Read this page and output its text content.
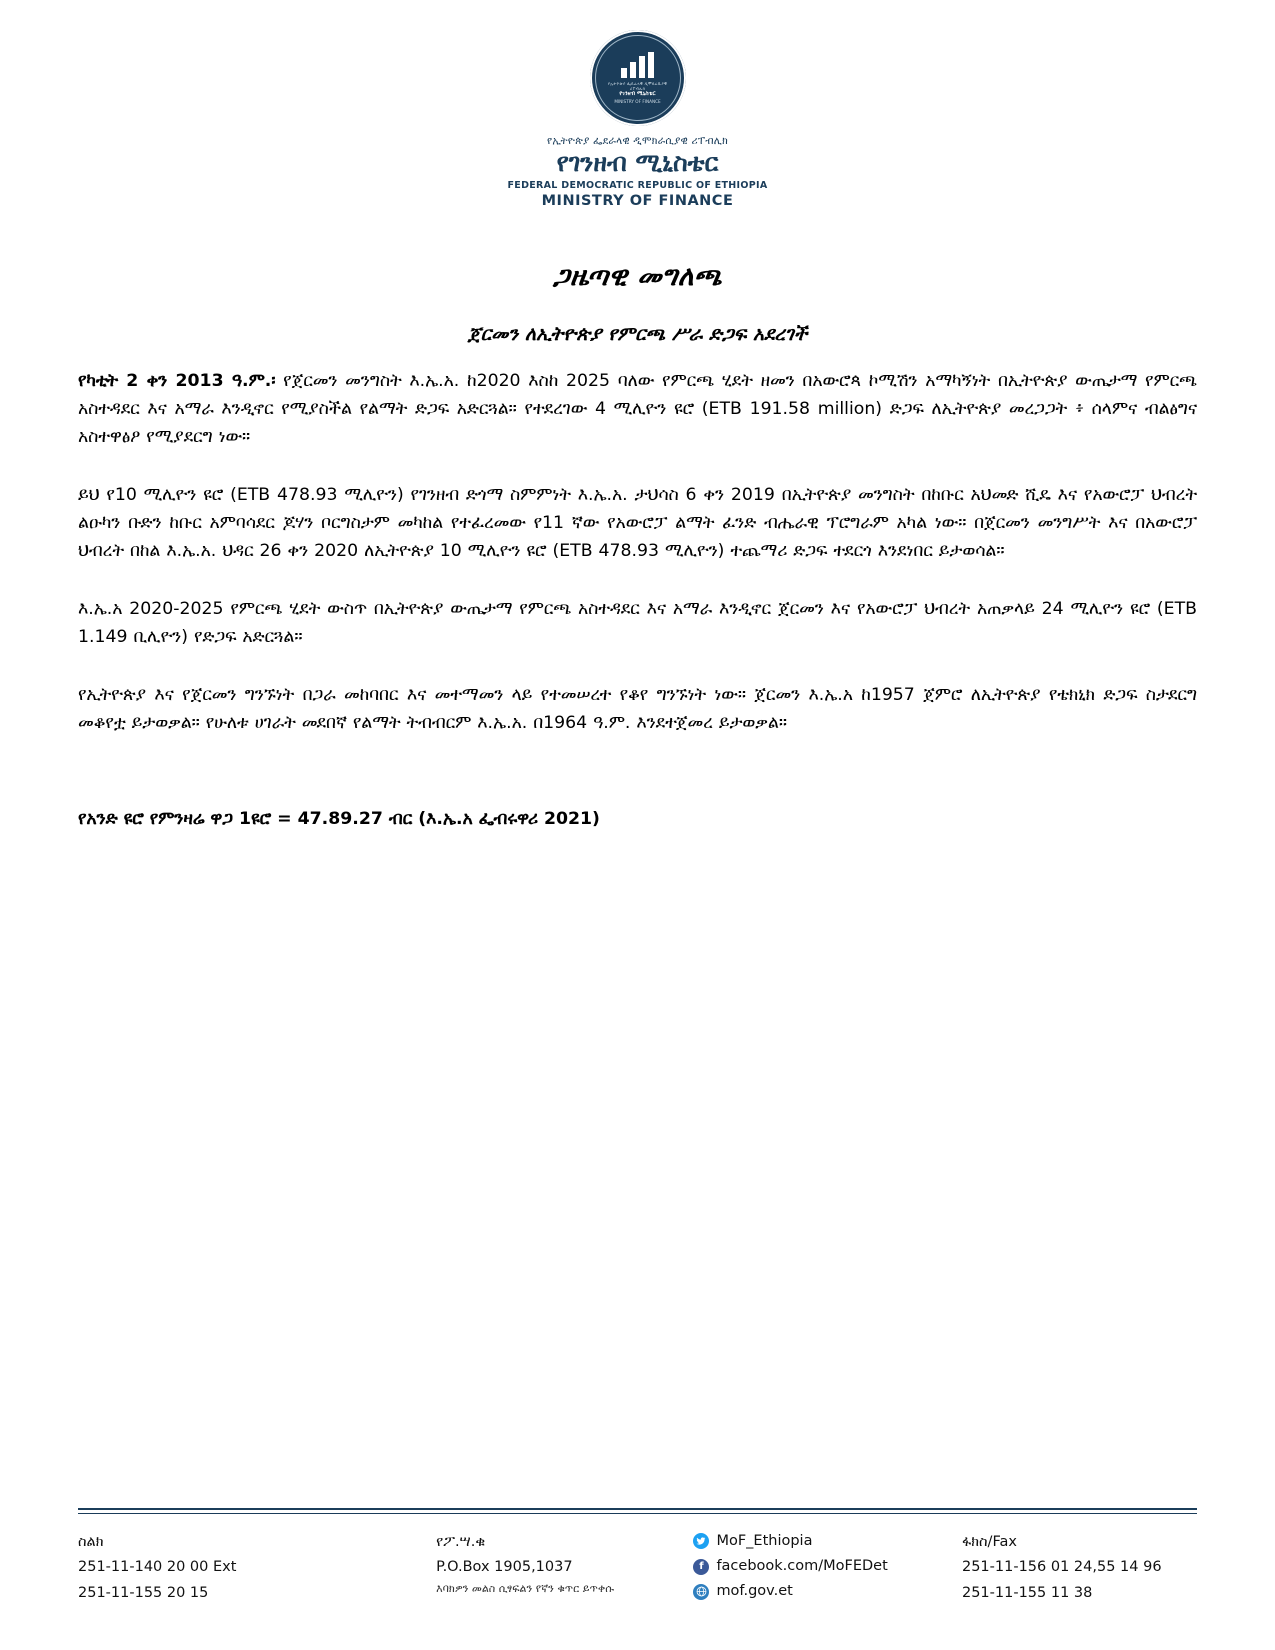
የኢትዮጵያ ፌዴራላዊ ዲሞክራሲያዊ ሪፐብሊክ
የገንዘብ ሚኒስቴር
MINISTRY OF FINANCE
የኢትዮጵያ ፌደራላዊ ዲሞክራሲያዊ ሪፐብሊክ
የገንዘብ ሚኒስቴር
FEDERAL DEMOCRATIC REPUBLIC OF ETHIOPIA
MINISTRY OF FINANCE
ጋዜጣዊ መግለጫ
ጀርመን ለኢትዮጵያ የምርጫ ሥራ ድጋፍ አደረገች

የካቲት 2 ቀን 2013 ዓ.ም.፡ የጀርመን መንግስት እ.ኤ.አ. ከ2020 እስከ 2025 ባለው የምርጫ ሂደት ዘመን በአውሮጳ ኮሚሽን አማካኝነት በኢትዮጵያ ውጤታማ የምርጫ አስተዳደር እና አማራ እንዲኖር የሚያስችል የልማት ድጋፍ አድርጓል። የተደረገው 4 ሚሊዮን ዩሮ (ETB 191.58 million) ድጋፍ ለኢትዮጵያ መረጋጋት ፥ ሰላምና ብልፅግና አስተዋፅዖ የሚያደርግ ነው።

ይህ የ10 ሚሊዮን ዩሮ (ETB 478.93 ሚሊዮን) የገንዘብ ድጎማ ስምምነት እ.ኤ.አ. ታህሳስ 6 ቀን 2019 በኢትዮጵያ መንግስት በከቡር አህመድ ሺዴ እና የአውሮፓ ህብረት ልዑካን ቡድን ከቡር አምባሳደር ጆሃን ቦርግስታም መካከል የተፈረመው የ11 ኛው የአውሮፓ ልማት ፈንድ ብሔራዊ ፕሮግራም አካል ነው። በጀርመን መንግሥት እና በአውሮፓ ህብረት በከል እ.ኤ.አ. ህዳር 26 ቀን 2020 ለኢትዮጵያ 10 ሚሊዮን ዩሮ (ETB 478.93 ሚሊዮን) ተጨማሪ ድጋፍ ተደርጎ እንደነበር ይታወሳል።

እ.ኤ.አ 2020-2025 የምርጫ ሂደት ውስጥ በኢትዮጵያ ውጤታማ የምርጫ አስተዳደር እና አማራ እንዲኖር ጀርመን እና የአውሮፓ ህብረት አጠቃላይ 24 ሚሊዮን ዩሮ (ETB 1.149 ቢሊዮን) የድጋፍ አድርጓል።

የኢትዮጵያ እና የጀርመን ግንኙነት በጋራ መከባበር እና መተማመን ላይ የተመሠረተ የቆየ ግንኙነት ነው። ጀርመን እ.ኤ.አ ከ1957 ጀምሮ ለኢትዮጵያ የቴክኒክ ድጋፍ ስታደርግ መቆየቷ ይታወቃል። የሁለቱ ሀገራት መደበኛ የልማት ትብብርም እ.ኤ.አ. በ1964 ዓ.ም. እንደተጀመረ ይታወቃል።

የአንድ ዩሮ የምንዛሬ ዋጋ 1ዩሮ = 47.89.27 ብር (እ.ኤ.አ ፌብሩዋሪ 2021)

ስልክ
251-11-140 20 00 Ext
251-11-155 20 15
የፖ.ሣ.ቁ
P.O.Box 1905,1037
እባክዎን መልስ ሲፃፍልን የኛን ቁጥር ይጥቀሱ
MoF_Ethiopia
f facebook.com/MoFEDet
mof.gov.et
ፋክስ/Fax
251-11-156 01 24,55 14 96
251-11-155 11 38
